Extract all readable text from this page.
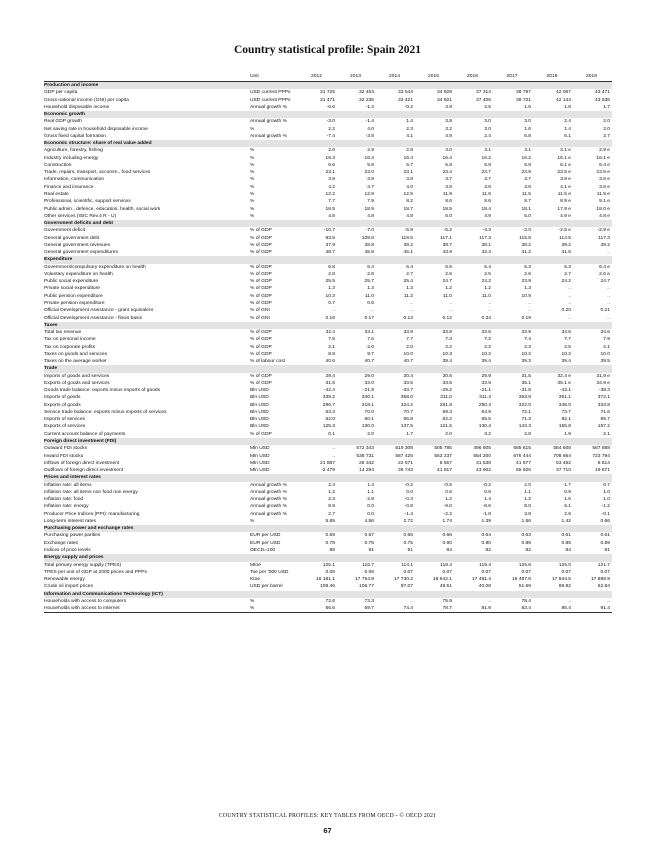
Country statistical profile: Spain 2021
	Unit	2012	2013	2014	2015	2016	2017	2018	2019
Production and income									
GDP per capita	USD current PPPs	31 725	32 453	33 544	34 929	37 314	39 797	42 067	43 471
Gross national income (GNI) per capita	USD current PPPs	31 471	32 236	33 421	34 921	37 406	39 721	42 144	43 536
Household disposable income	Annual growth %	-6.6	-1.3	-0.2	3.9	2.5	1.6	1.8	1.7
Economic growth									
Real GDP growth	Annual growth %	-3.0	-1.4	1.4	3.8	3.0	3.0	2.4	2.0
Net saving rate in household disposable income	%	2.2	4.0	2.3	3.2	3.0	1.6	1.4	2.0
Gross fixed capital formation	Annual growth %	-7.4	-3.8	4.1	4.9	2.4	6.8	6.1	2.7
Economic structure: share of real value added									
Agriculture, forestry, fishing	%	2.6	2.9	2.8	3.0	3.1	3.1	3.1 e	2.9 e
Industry including energy	%	16.3	16.4	16.4	16.4	16.2	16.2	16.1 e	16.1 e
Construction	%	6.6	5.8	5.7	5.8	5.9	5.9	6.1 e	6.4 e
Trade, repairs, transport, accomm., food services	%	23.1	23.0	23.1	23.4	23.7	23.9	23.5 e	23.5 e
Information, communication	%	3.9	3.9	3.8	3.7	3.7	3.7	3.8 e	3.8 e
Finance and insurance	%	4.2	3.7	4.0	3.8	3.8	3.8	4.1 e	3.8 e
Real estate	%	12.2	12.8	12.5	11.9	11.6	11.5	11.5 e	11.5 e
Professional, scientific, support services	%	7.7	7.9	8.2	8.6	8.6	8.7	8.9 e	9.1 e
Public admin., defence, education, health, social work	%	18.5	18.9	18.7	18.5	18.4	18.1	17.9 e	18.0 e
Other services (ISIC Rev.4 R - U)	%	4.8	4.8	4.8	5.0	4.9	5.0	4.9 e	4.8 e
Government deficits and debt									
Government deficit	% of GDP	-10.7	-7.0	-5.9	-5.2	-4.3	-3.0	-2.5 e	-2.9 e
General government debt	% of GDP	93.5	108.6	119.5	117.1	117.3	115.8	114.5	117.3
General government revenues	% of GDP	37.9	38.8	39.2	38.7	38.1	38.2	39.2	39.2
General government expenditures	% of GDP	48.7	45.8	45.1	43.9	42.4	41.2	41.6	..
Expenditure									
Government/compulsory expenditure on health	% of GDP	6.8	6.4	6.4	6.5	6.4	6.3	6.3	6.4 e
Voluntary expenditure on health	% of GDP	2.6	2.6	2.7	2.6	2.5	2.6	2.7	2.6 e
Public social expenditure	% of GDP	25.5	25.7	25.4	24.7	24.2	23.9	24.2	24.7
Private social expenditure	% of GDP	1.3	1.3	1.3	1.2	1.2	1.3	..	..
Public pension expenditure	% of GDP	10.3	11.0	11.2	11.0	11.0	10.9	..	..
Private pension expenditure	% of GDP	0.7	0.6	..	..	..	..	..	..
Official Development Assistance - grant equivalent	% of GNI	..	..	..	..	..	..	0.20	0.21
Official Development Assistance - flows basis	% of GNI	0.16	0.17	0.13	0.12	0.34	0.19	..	..
Taxes									
Total tax revenue	% of GDP	32.4	33.1	33.9	33.8	33.6	33.9	34.6	34.6
Tax on personal income	% of GDP	7.5	7.6	7.7	7.3	7.2	7.4	7.7	7.9
Tax on corporate profits	% of GDP	2.1	2.0	2.0	2.2	2.2	2.3	2.5	2.1
Taxes on goods and services	% of GDP	8.9	9.7	10.0	10.3	10.2	10.2	10.2	10.0
Taxes on the average worker	% of labour cost	40.6	40.7	40.7	39.4	39.4	39.3	39.4	39.5
Trade									
Imports of goods and services	% of GDP	29.4	29.0	30.4	30.6	29.9	31.5	32.4 e	31.9 e
Exports of goods and services	% of GDP	31.5	33.0	33.5	33.6	33.9	35.1	35.1 e	34.9 e
Goods trade balance: exports minus imports of goods	Bln USD	-42.4	-21.9	-33.7	-29.2	-21.1	-31.8	-43.1	-38.3
Imports of goods	Bln USD	339.2	340.1	358.0	311.0	311.4	353.9	391.1	372.1
Exports of goods	Bln USD	296.7	318.1	324.2	281.8	290.4	322.0	348.0	333.8
Service trade balance: exports minus imports of services	Bln USD	63.3	70.0	70.7	59.3	64.9	72.1	73.7	71.6
Imports of services	Bln USD	62.0	60.1	66.8	62.2	65.5	71.3	82.1	85.7
Exports of services	Bln USD	125.3	130.0	137.5	121.5	130.4	143.3	155.8	157.2
Current account balance of payments	% of GDP	0.1	2.0	1.7	2.0	3.2	2.8	1.9	2.1
Foreign direct investment (FDI)									
Outward FDI stocks	Mln USD	..	572 343	519 308	505 785	496 605	585 615	584 608	587 888
Inward FDI stocks	Mln USD	..	638 731	587 426	553 237	554 200	676 444	708 664	723 794
Inflows of foreign direct investment	Mln USD	21 887	28 342	22 571	8 557	31 538	41 877	53 462	8 514
Outflows of foreign direct investment	Mln USD	-2 479	14 294	36 743	41 917	43 902	55 926	37 710	19 671
Prices and interest rates									
Inflation rate: all items	Annual growth %	2.4	1.4	-0.2	-0.5	-0.2	2.0	1.7	0.7
Inflation rate: all items non food non energy	Annual growth %	1.2	1.1	0.0	0.5	0.8	1.1	0.9	1.0
Inflation rate: food	Annual growth %	2.3	2.8	-0.3	1.2	1.4	1.2	1.6	1.0
Inflation rate: energy	Annual growth %	8.9	0.0	-0.8	-9.0	-8.6	8.0	6.1	-1.2
Producer Price Indices (PPI): manufacturing	Annual growth %	2.7	0.0	-1.4	-2.2	-1.8	3.8	2.6	-0.1
Long-term interest rates	%	5.85	4.56	2.72	1.74	1.39	1.56	1.42	0.66
Purchasing power and exchange rates									
Purchasing power parities	EUR per USD	0.69	0.67	0.66	0.66	0.64	0.63	0.61	0.61
Exchange rates	EUR per USD	0.78	0.75	0.75	0.90	0.90	0.89	0.85	0.89
Indices of price levels	OECD=100	88	91	91	84	82	82	84	81
Energy supply and prices									
Total primary energy supply (TPES)	Mtoe	125.1	116.7	114.1	118.4	119.4	125.6	125.0	121.7
TPES per unit of GDP at 2000 prices and PPPs	Toe per '000 USD	0.08	0.08	0.07	0.07	0.07	0.07	0.07	0.07
Renewable energy	Ktoe	16 181.1	17 754.8	17 730.2	16 642.1	17 481.4	16 487.8	17 944.5	17 898.9
Crude oil import prices	USD per barrel	109.46	106.77	97.07	49.51	40.08	51.69	69.92	62.84
Information and Communications Technology (ICT)									
Households with access to computers	%	72.6	73.3	..	75.9	..	78.4	..	..
Households with access to internet	%	66.6	69.7	74.4	78.7	81.9	83.4	86.4	91.4
COUNTRY STATISTICAL PROFILES: KEY TABLES FROM OECD - © OECD 2021
67
